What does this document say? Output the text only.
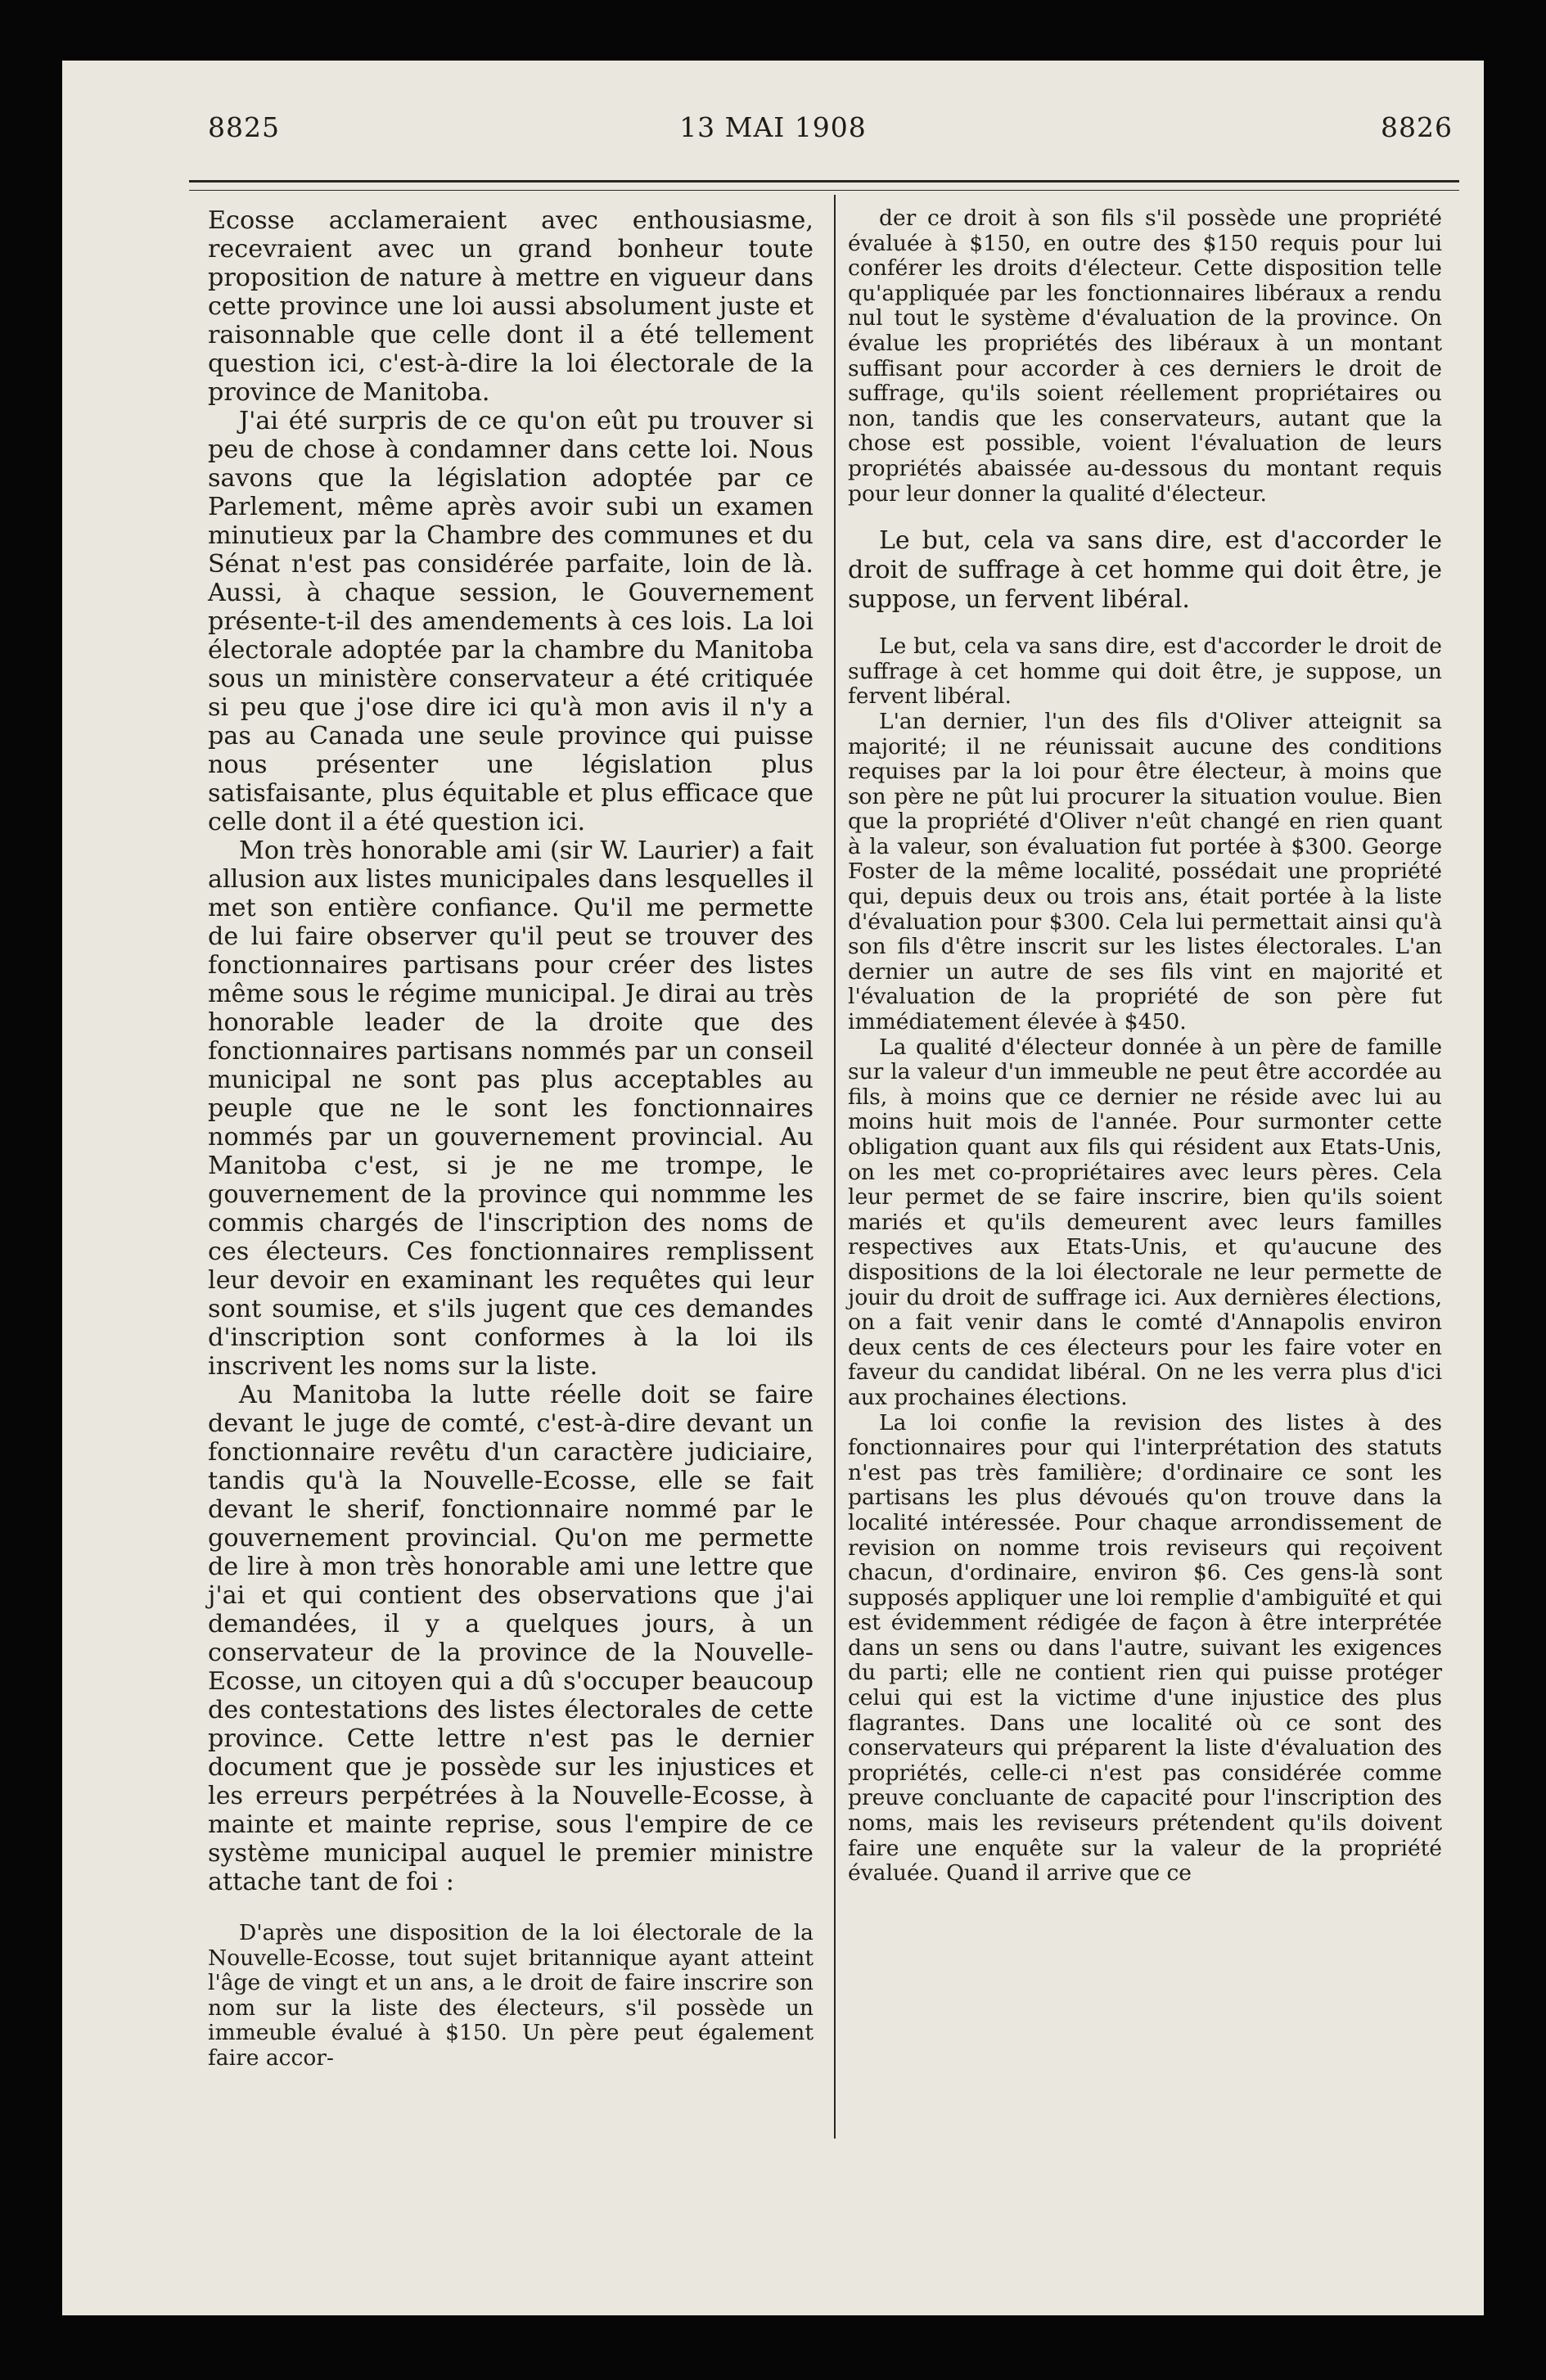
8825	13 MAI 1908	8826

Ecosse acclameraient avec enthousiasme, recevraient avec un grand bonheur toute proposition de nature à mettre en vigueur dans cette province une loi aussi absolument juste et raisonnable que celle dont il a été tellement question ici, c'est-à-dire la loi électorale de la province de Manitoba.

J'ai été surpris de ce qu'on eût pu trouver si peu de chose à condamner dans cette loi. Nous savons que la législation adoptée par ce Parlement, même après avoir subi un examen minutieux par la Chambre des communes et du Sénat n'est pas considérée parfaite, loin de là. Aussi, à chaque session, le Gouvernement présente-t-il des amendements à ces lois. La loi électorale adoptée par la chambre du Manitoba sous un ministère conservateur a été critiquée si peu que j'ose dire ici qu'à mon avis il n'y a pas au Canada une seule province qui puisse nous présenter une législation plus satisfaisante, plus équitable et plus efficace que celle dont il a été question ici.

Mon très honorable ami (sir W. Laurier) a fait allusion aux listes municipales dans lesquelles il met son entière confiance. Qu'il me permette de lui faire observer qu'il peut se trouver des fonctionnaires partisans pour créer des listes même sous le régime municipal. Je dirai au très honorable leader de la droite que des fonctionnaires partisans nommés par un conseil municipal ne sont pas plus acceptables au peuple que ne le sont les fonctionnaires nommés par un gouvernement provincial. Au Manitoba c'est, si je ne me trompe, le gouvernement de la province qui nommme les commis chargés de l'inscription des noms de ces électeurs. Ces fonctionnaires remplissent leur devoir en examinant les requêtes qui leur sont soumise, et s'ils jugent que ces demandes d'inscription sont conformes à la loi ils inscrivent les noms sur la liste.

Au Manitoba la lutte réelle doit se faire devant le juge de comté, c'est-à-dire devant un fonctionnaire revêtu d'un caractère judiciaire, tandis qu'à la Nouvelle-Ecosse, elle se fait devant le sherif, fonctionnaire nommé par le gouvernement provincial. Qu'on me permette de lire à mon très honorable ami une lettre que j'ai et qui contient des observations que j'ai demandées, il y a quelques jours, à un conservateur de la province de la Nouvelle-Ecosse, un citoyen qui a dû s'occuper beaucoup des contestations des listes électorales de cette province. Cette lettre n'est pas le dernier document que je possède sur les injustices et les erreurs perpétrées à la Nouvelle-Ecosse, à mainte et mainte reprise, sous l'empire de ce système municipal auquel le premier ministre attache tant de foi :

D'après une disposition de la loi électorale de la Nouvelle-Ecosse, tout sujet britannique ayant atteint l'âge de vingt et un ans, a le droit de faire inscrire son nom sur la liste des électeurs, s'il possède un immeuble évalué à $150. Un père peut également faire accor-

der ce droit à son fils s'il possède une propriété évaluée à $150, en outre des $150 requis pour lui conférer les droits d'électeur. Cette disposition telle qu'appliquée par les fonctionnaires libéraux a rendu nul tout le système d'évaluation de la province. On évalue les propriétés des libéraux à un montant suffisant pour accorder à ces derniers le droit de suffrage, qu'ils soient réellement propriétaires ou non, tandis que les conservateurs, autant que la chose est possible, voient l'évaluation de leurs propriétés abaissée au-dessous du montant requis pour leur donner la qualité d'électeur.

Le but, cela va sans dire, est d'accorder le droit de suffrage à cet homme qui doit être, je suppose, un fervent libéral.

Le but, cela va sans dire, est d'accorder le droit de suffrage à cet homme qui doit être, je suppose, un fervent libéral.

L'an dernier, l'un des fils d'Oliver atteignit sa majorité; il ne réunissait aucune des conditions requises par la loi pour être électeur, à moins que son père ne pût lui procurer la situation voulue. Bien que la propriété d'Oliver n'eût changé en rien quant à la valeur, son évaluation fut portée à $300. George Foster de la même localité, possédait une propriété qui, depuis deux ou trois ans, était portée à la liste d'évaluation pour $300. Cela lui permettait ainsi qu'à son fils d'être inscrit sur les listes électorales. L'an dernier un autre de ses fils vint en majorité et l'évaluation de la propriété de son père fut immédiatement élevée à $450.

La qualité d'électeur donnée à un père de famille sur la valeur d'un immeuble ne peut être accordée au fils, à moins que ce dernier ne réside avec lui au moins huit mois de l'année. Pour surmonter cette obligation quant aux fils qui résident aux Etats-Unis, on les met co-propriétaires avec leurs pères. Cela leur permet de se faire inscrire, bien qu'ils soient mariés et qu'ils demeurent avec leurs familles respectives aux Etats-Unis, et qu'aucune des dispositions de la loi électorale ne leur permette de jouir du droit de suffrage ici. Aux dernières élections, on a fait venir dans le comté d'Annapolis environ deux cents de ces électeurs pour les faire voter en faveur du candidat libéral. On ne les verra plus d'ici aux prochaines élections.

La loi confie la revision des listes à des fonctionnaires pour qui l'interprétation des statuts n'est pas très familière; d'ordinaire ce sont les partisans les plus dévoués qu'on trouve dans la localité intéressée. Pour chaque arrondissement de revision on nomme trois reviseurs qui reçoivent chacun, d'ordinaire, environ $6. Ces gens-là sont supposés appliquer une loi remplie d'ambiguïté et qui est évidemment rédigée de façon à être interprétée dans un sens ou dans l'autre, suivant les exigences du parti; elle ne contient rien qui puisse protéger celui qui est la victime d'une injustice des plus flagrantes. Dans une localité où ce sont des conservateurs qui préparent la liste d'évaluation des propriétés, celle-ci n'est pas considérée comme preuve concluante de capacité pour l'inscription des noms, mais les reviseurs prétendent qu'ils doivent faire une enquête sur la valeur de la propriété évaluée. Quand il arrive que ce
